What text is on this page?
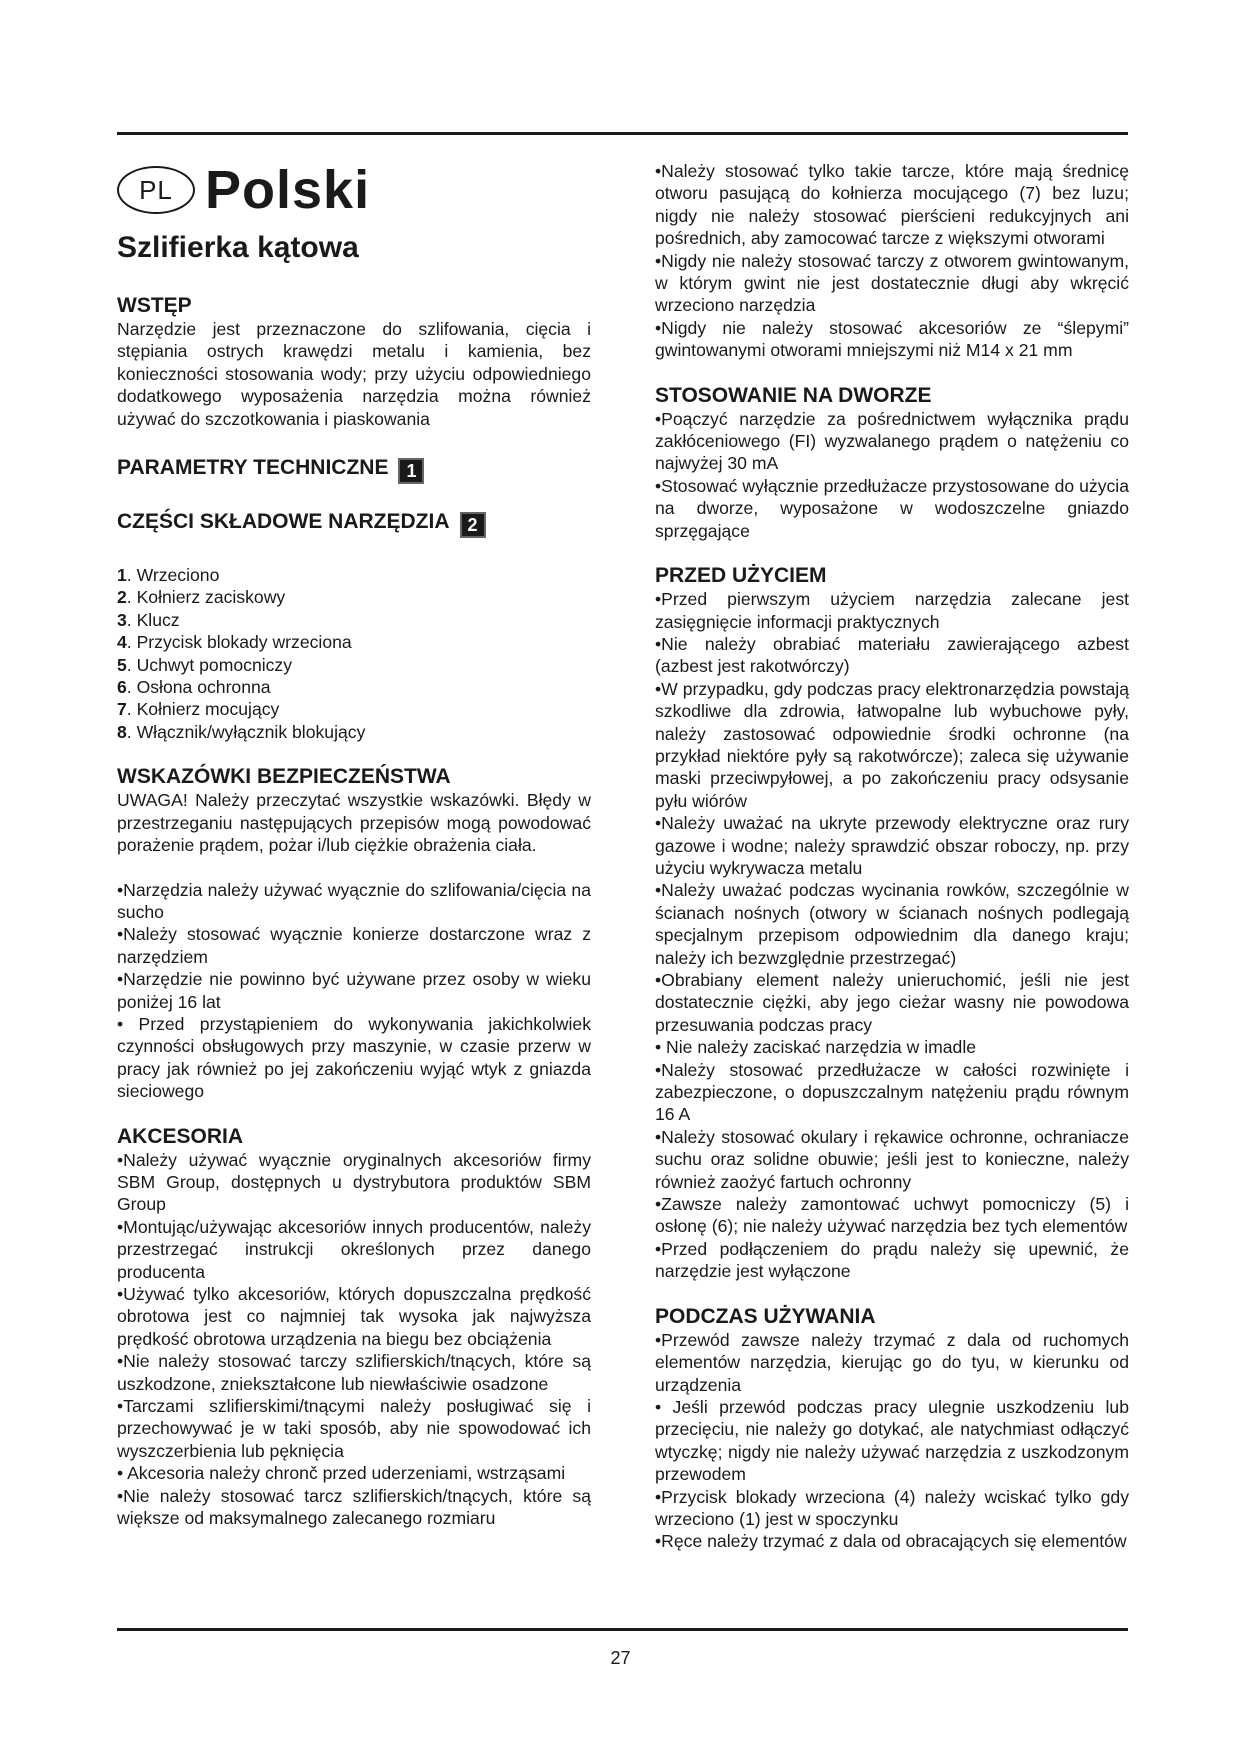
PL Polski
Szlifierka kątowa
WSTĘP

Narzędzie jest przeznaczone do szlifowania, cięcia i stępiania ostrych krawędzi metalu i kamienia, bez konieczności stosowania wody; przy użyciu odpowiedniego dodatkowego wyposażenia narzędzia można również używać do szczotkowania i piaskowania

PARAMETRY TECHNICZNE 1
CZĘŚCI SKŁADOWE NARZĘDZIA 2
1. Wrzeciono
2. Kołnierz zaciskowy
3. Klucz
4. Przycisk blokady wrzeciona
5. Uchwyt pomocniczy
6. Osłona ochronna
7. Kołnierz mocujący
8. Włącznik/wyłącznik blokujący
WSKAZÓWKI BEZPIECZEŃSTWA

UWAGA! Należy przeczytać wszystkie wskazówki. Błędy w przestrzeganiu następujących przepisów mogą powodować porażenie prądem, pożar i/lub ciężkie obrażenia ciała.

•Narzędzia należy używać wyącznie do szlifowania/cięcia na sucho

•Należy stosować wyącznie konierze dostarczone wraz z narzędziem

•Narzędzie nie powinno być używane przez osoby w wieku poniżej 16 lat

• Przed przystąpieniem do wykonywania jakichkolwiek czynności obsługowych przy maszynie, w czasie przerw w pracy jak również po jej zakończeniu wyjąć wtyk z gniazda sieciowego

AKCESORIA

•Należy używać wyącznie oryginalnych akcesoriów firmy SBM Group, dostępnych u dystrybutora produktów SBM Group

•Montując/używając akcesoriów innych producentów, należy przestrzegać instrukcji określonych przez danego producenta

•Używać tylko akcesoriów, których dopuszczalna prędkość obrotowa jest co najmniej tak wysoka jak najwyższa prędkość obrotowa urządzenia na biegu bez obciążenia

•Nie należy stosować tarczy szlifierskich/tnących, które są uszkodzone, zniekształcone lub niewłaściwie osadzone

•Tarczami szlifierskimi/tnącymi należy posługiwać się i przechowywać je w taki sposób, aby nie spowodować ich wyszczerbienia lub pęknięcia

• Akcesoria należy chronč przed uderzeniami, wstrząsami

•Nie należy stosować tarcz szlifierskich/tnących, które są większe od maksymalnego zalecanego rozmiaru

•Należy stosować tylko takie tarcze, które mają średnicę otworu pasującą do kołnierza mocującego (7) bez luzu; nigdy nie należy stosować pierścieni redukcyjnych ani pośrednich, aby zamocować tarcze z większymi otworami

•Nigdy nie należy stosować tarczy z otworem gwintowanym, w którym gwint nie jest dostatecznie długi aby wkręcić wrzeciono narzędzia

•Nigdy nie należy stosować akcesoriów ze “ślepymi” gwintowanymi otworami mniejszymi niż M14 x 21 mm

STOSOWANIE NA DWORZE

•Poączyć narzędzie za pośrednictwem wyłącznika prądu zakłóceniowego (FI) wyzwalanego prądem o natężeniu co najwyżej 30 mA

•Stosować wyłącznie przedłużacze przystosowane do użycia na dworze, wyposażone w wodoszczelne gniazdo sprzęgające

PRZED UŻYCIEM

•Przed pierwszym użyciem narzędzia zalecane jest zasięgnięcie informacji praktycznych

•Nie należy obrabiać materiału zawierającego azbest (azbest jest rakotwórczy)

•W przypadku, gdy podczas pracy elektronarzędzia powstają szkodliwe dla zdrowia, łatwopalne lub wybuchowe pyły, należy zastosować odpowiednie środki ochronne (na przykład niektóre pyły są rakotwórcze); zaleca się używanie maski przeciwpyłowej, a po zakończeniu pracy odsysanie pyłu wiórów

•Należy uważać na ukryte przewody elektryczne oraz rury gazowe i wodne; należy sprawdzić obszar roboczy, np. przy użyciu wykrywacza metalu

•Należy uważać podczas wycinania rowków, szczególnie w ścianach nośnych (otwory w ścianach nośnych podlegają specjalnym przepisom odpowiednim dla danego kraju; należy ich bezwzględnie przestrzegać)

•Obrabiany element należy unieruchomić, jeśli nie jest dostatecznie ciężki, aby jego cieżar wasny nie powodowa przesuwania podczas pracy

• Nie należy zaciskać narzędzia w imadle

•Należy stosować przedłużacze w całości rozwinięte i zabezpieczone, o dopuszczalnym natężeniu prądu równym 16 A

•Należy stosować okulary i rękawice ochronne, ochraniacze suchu oraz solidne obuwie; jeśli jest to konieczne, należy również zaożyć fartuch ochronny

•Zawsze należy zamontować uchwyt pomocniczy (5) i osłonę (6); nie należy używać narzędzia bez tych elementów

•Przed podłączeniem do prądu należy się upewnić, że narzędzie jest wyłączone

PODCZAS UŻYWANIA

•Przewód zawsze należy trzymać z dala od ruchomych elementów narzędzia, kierując go do tyu, w kierunku od urządzenia

• Jeśli przewód podczas pracy ulegnie uszkodzeniu lub przecięciu, nie należy go dotykać, ale natychmiast odłączyć wtyczkę; nigdy nie należy używać narzędzia z uszkodzonym przewodem

•Przycisk blokady wrzeciona (4) należy wciskać tylko gdy wrzeciono (1) jest w spoczynku

•Ręce należy trzymać z dala od obracających się elementów

27
